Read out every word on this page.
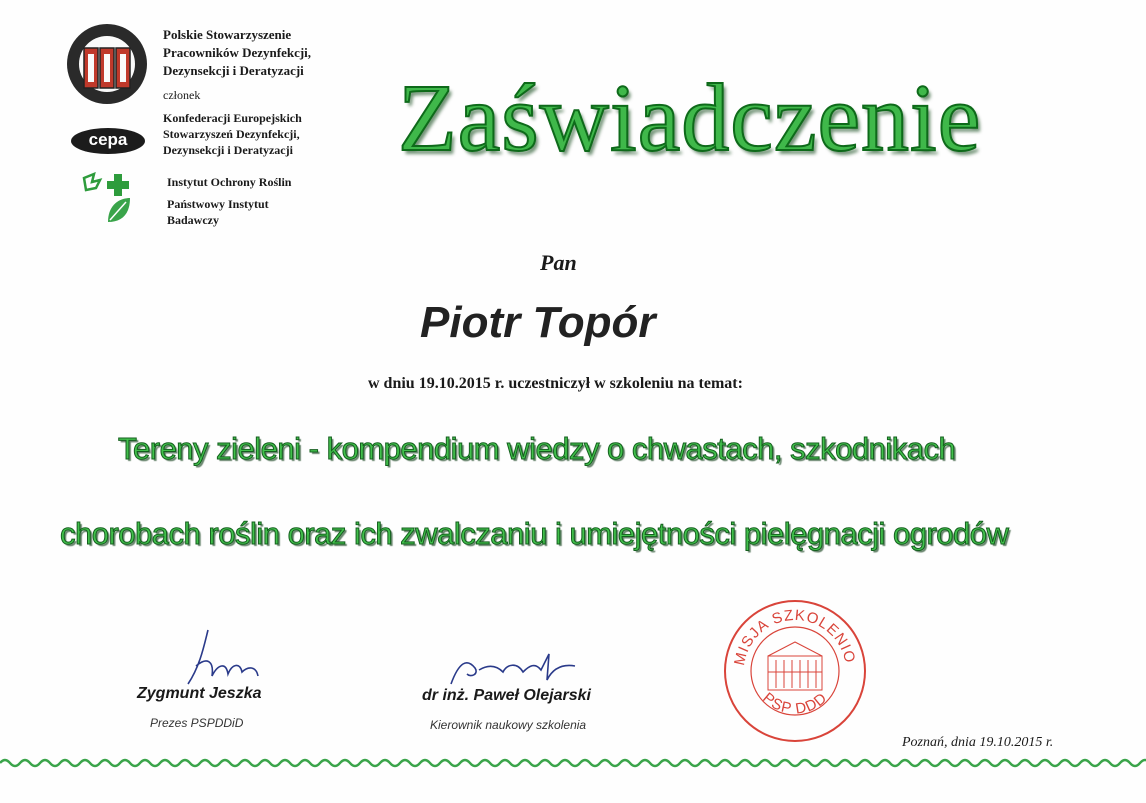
Polskie Stowarzyszenie
Pracowników Dezynfekcji,
Dezynsekcji i Deratyzacji
członek
cepa
Konfederacji Europejskich
Stowarzyszeń Dezynfekcji,
Dezynsekcji i Deratyzacji
Instytut Ochrony Roślin
Państwowy Instytut
Badawczy
Zaświadczenie
Pan
Piotr Topór
w dniu 19.10.2015 r. uczestniczył w szkoleniu na temat:
Tereny zieleni - kompendium wiedzy o chwastach, szkodnikach
chorobach roślin oraz ich zwalczaniu i umiejętności pielęgnacji ogrodów
Zygmunt Jeszka
Prezes PSPDDiD
dr inż. Paweł Olejarski
Kierownik naukowy szkolenia
MISJA SZKOLENIO
PSP DDD
Poznań, dnia 19.10.2015 r.
